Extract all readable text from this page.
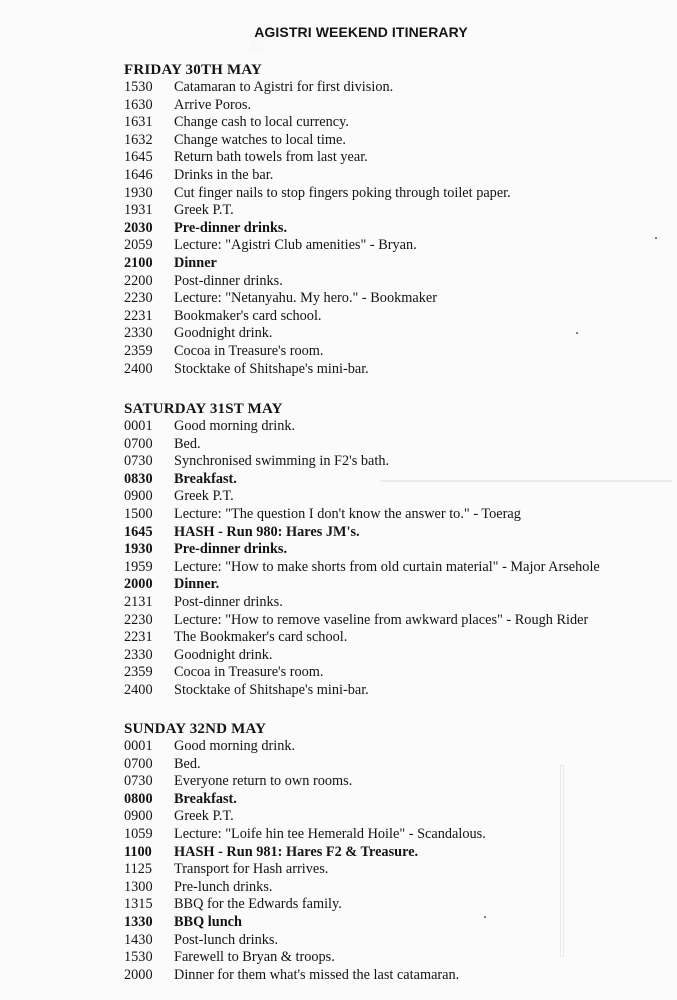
░
AGISTRI WEEKEND ITINERARY
FRIDAY 30TH MAY
1530	Catamaran to Agistri for first division.
1630	Arrive Poros.
1631	Change cash to local currency.
1632	Change watches to local time.
1645	Return bath towels from last year.
1646	Drinks in the bar.
1930	Cut finger nails to stop fingers poking through toilet paper.
1931	Greek P.T.
2030	Pre-dinner drinks.
2059	Lecture: "Agistri Club amenities" - Bryan.
2100	Dinner
2200	Post-dinner drinks.
2230	Lecture: "Netanyahu. My hero." - Bookmaker
2231	Bookmaker's card school.
2330	Goodnight drink.
2359	Cocoa in Treasure's room.
2400	Stocktake of Shitshape's mini-bar.
SATURDAY 31ST MAY
0001	Good morning drink.
0700	Bed.
0730	Synchronised swimming in F2's bath.
0830	Breakfast.
0900	Greek P.T.
1500	Lecture: "The question I don't know the answer to." - Toerag
1645	HASH - Run 980: Hares JM's.
1930	Pre-dinner drinks.
1959	Lecture: "How to make shorts from old curtain material" - Major Arsehole
2000	Dinner.
2131	Post-dinner drinks.
2230	Lecture: "How to remove vaseline from awkward places" - Rough Rider
2231	The Bookmaker's card school.
2330	Goodnight drink.
2359	Cocoa in Treasure's room.
2400	Stocktake of Shitshape's mini-bar.
SUNDAY 32ND MAY
0001	Good morning drink.
0700	Bed.
0730	Everyone return to own rooms.
0800	Breakfast.
0900	Greek P.T.
1059	Lecture: "Loife hin tee Hemerald Hoile" - Scandalous.
1100	HASH - Run 981: Hares F2 & Treasure.
1125	Transport for Hash arrives.
1300	Pre-lunch drinks.
1315	BBQ for the Edwards family.
1330	BBQ lunch
1430	Post-lunch drinks.
1530	Farewell to Bryan & troops.
2000	Dinner for them what's missed the last catamaran.
